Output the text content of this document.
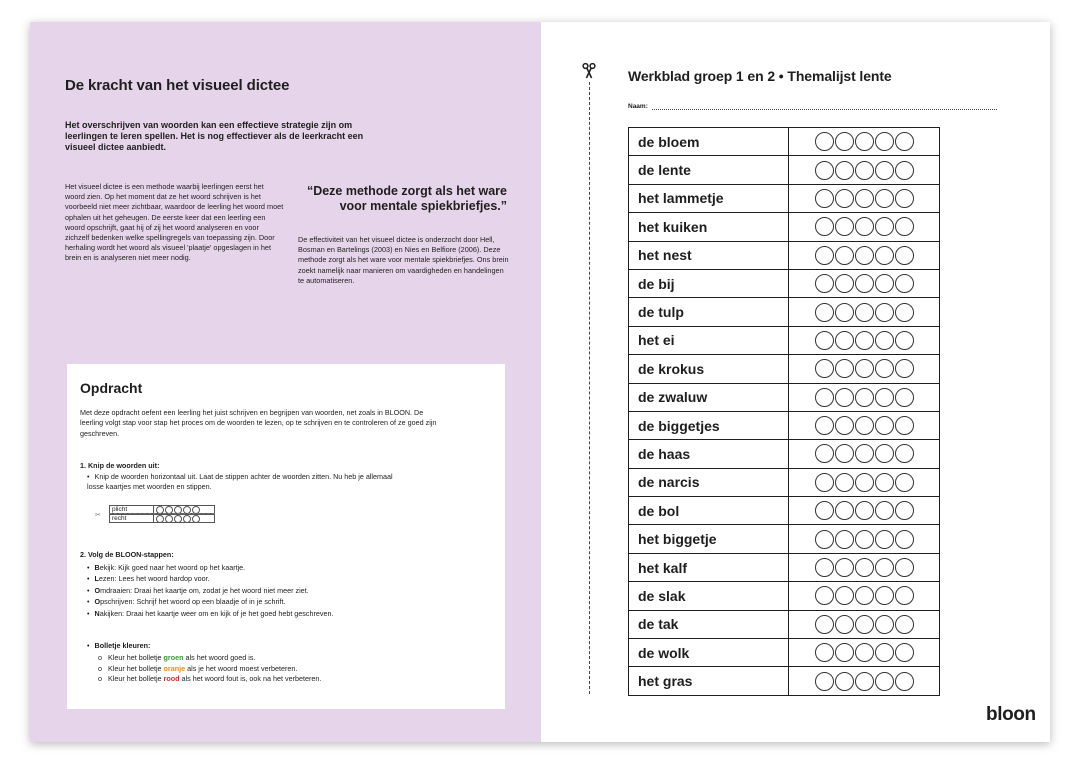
De kracht van het visueel dictee
Het overschrijven van woorden kan een effectieve strategie zijn om leerlingen te leren spellen. Het is nog effectiever als de leerkracht een visueel dictee aanbiedt.
Het visueel dictee is een methode waarbij leerlingen eerst het woord zien. Op het moment dat ze het woord schrijven is het voorbeeld niet meer zichtbaar, waardoor de leerling het woord moet ophalen uit het geheugen. De eerste keer dat een leerling een woord opschrijft, gaat hij of zij het woord analyseren en voor zichzelf bedenken welke spellingregels van toepassing zijn. Door herhaling wordt het woord als visueel 'plaatje' opgeslagen in het brein en is analyseren niet meer nodig.
“Deze methode zorgt als het ware voor mentale spiekbriefjes.”
De effectiviteit van het visueel dictee is onderzocht door Hell, Bosman en Bartelings (2003) en Nies en Belfiore (2006). Deze methode zorgt als het ware voor mentale spiekbriefjes. Ons brein zoekt namelijk naar manieren om vaardigheden en handelingen te automatiseren.
Opdracht
Met deze opdracht oefent een leerling het juist schrijven en begrijpen van woorden, net zoals in BLOON. De leerling volgt stap voor stap het proces om de woorden te lezen, op te schrijven en te controleren of ze goed zijn geschreven.
1. Knip de woorden uit:
• Knip de woorden horizontaal uit. Laat de stippen achter de woorden zitten. Nu heb je allemaal losse kaartjes met woorden en stippen.
✂
plicht
recht
2. Volg de BLOON-stappen:
• Bekijk: Kijk goed naar het woord op het kaartje.
• Lezen: Lees het woord hardop voor.
• Omdraaien: Draai het kaartje om, zodat je het woord niet meer ziet.
• Opschrijven: Schrijf het woord op een blaadje of in je schrift.
• Nakijken: Draai het kaartje weer om en kijk of je het goed hebt geschreven.
• Bolletje kleuren:
o Kleur het bolletje groen als het woord goed is.
o Kleur het bolletje oranje als je het woord moest verbeteren.
o Kleur het bolletje rood als het woord fout is, ook na het verbeteren.
Werkblad groep 1 en 2 • Themalijst lente
Naam:
de bloem	

de lente	

het lammetje	

het kuiken	

het nest	

de bij	

de tulp	

het ei	

de krokus	

de zwaluw	

de biggetjes	

de haas	

de narcis	

de bol	

het biggetje	

het kalf	

de slak	

de tak	

de wolk	

het gras	
bloon
